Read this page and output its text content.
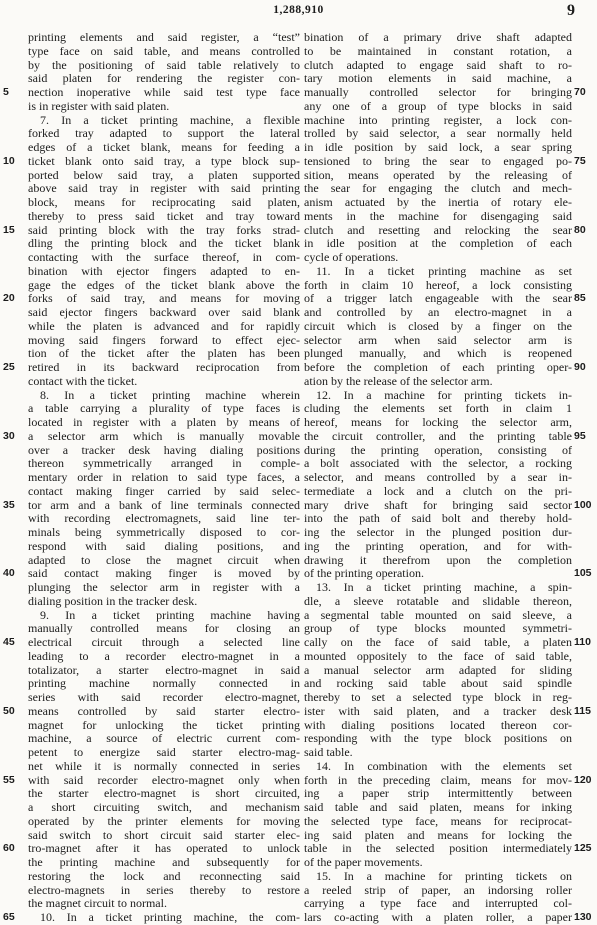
1,288,910	9
printing elements and said register, a “test”
type face on said table, and means controlled
by the positioning of said table relatively to
said platen for rendering the register con-
nection inoperative while said test type face
is in register with said platen.
7. In a ticket printing machine, a flexible
forked tray adapted to support the lateral
edges of a ticket blank, means for feeding a
ticket blank onto said tray, a type block sup-
ported below said tray, a platen supported
above said tray in register with said printing
block, means for reciprocating said platen,
thereby to press said ticket and tray toward
said printing block with the tray forks strad-
dling the printing block and the ticket blank
contacting with the surface thereof, in com-
bination with ejector fingers adapted to en-
gage the edges of the ticket blank above the
forks of said tray, and means for moving
said ejector fingers backward over said blank
while the platen is advanced and for rapidly
moving said fingers forward to effect ejec-
tion of the ticket after the platen has been
retired in its backward reciprocation from
contact with the ticket.
8. In a ticket printing machine wherein
a table carrying a plurality of type faces is
located in register with a platen by means of
a selector arm which is manually movable
over a tracker desk having dialing positions
thereon symmetrically arranged in comple-
mentary order in relation to said type faces, a
contact making finger carried by said selec-
tor arm and a bank of line terminals connected
with recording electromagnets, said line ter-
minals being symmetrically disposed to cor-
respond with said dialing positions, and
adapted to close the magnet circuit when
said contact making finger is moved by
plunging the selector arm in register with a
dialing position in the tracker desk.
9. In a ticket printing machine having
manually controlled means for closing an
electrical circuit through a selected line
leading to a recorder electro-magnet in a
totalizator, a starter electro-magnet in said
printing machine normally connected in
series with said recorder electro-magnet,
means controlled by said starter electro-
magnet for unlocking the ticket printing
machine, a source of electric current com-
petent to energize said starter electro-mag-
net while it is normally connected in series
with said recorder electro-magnet only when
the starter electro-magnet is short circuited,
a short circuiting switch, and mechanism
operated by the printer elements for moving
said switch to short circuit said starter elec-
tro-magnet after it has operated to unlock
the printing machine and subsequently for
restoring the lock and reconnecting said
electro-magnets in series thereby to restore
the magnet circuit to normal.
10. In a ticket printing machine, the com-
bination of a primary drive shaft adapted
to be maintained in constant rotation, a
clutch adapted to engage said shaft to ro-
tary motion elements in said machine, a
manually controlled selector for bringing
any one of a group of type blocks in said
machine into printing register, a lock con-
trolled by said selector, a sear normally held
in idle position by said lock, a sear spring
tensioned to bring the sear to engaged po-
sition, means operated by the releasing of
the sear for engaging the clutch and mech-
anism actuated by the inertia of rotary ele-
ments in the machine for disengaging said
clutch and resetting and relocking the sear
in idle position at the completion of each
cycle of operations.
11. In a ticket printing machine as set
forth in claim 10 hereof, a lock consisting
of a trigger latch engageable with the sear
and controlled by an electro-magnet in a
circuit which is closed by a finger on the
selector arm when said selector arm is
plunged manually, and which is reopened
before the completion of each printing oper-
ation by the release of the selector arm.
12. In a machine for printing tickets in-
cluding the elements set forth in claim 1
hereof, means for locking the selector arm,
the circuit controller, and the printing table
during the printing operation, consisting of
a bolt associated with the selector, a rocking
selector, and means controlled by a sear in-
termediate a lock and a clutch on the pri-
mary drive shaft for bringing said sector
into the path of said bolt and thereby hold-
ing the selector in the plunged position dur-
ing the printing operation, and for with-
drawing it therefrom upon the completion
of the printing operation.
13. In a ticket printing machine, a spin-
dle, a sleeve rotatable and slidable thereon,
a segmental table mounted on said sleeve, a
group of type blocks mounted symmetri-
cally on the face of said table, a platen
mounted oppositely to the face of said table,
a manual selector arm adapted for sliding
and rocking said table about said spindle
thereby to set a selected type block in reg-
ister with said platen, and a tracker desk
with dialing positions located thereon cor-
responding with the type block positions on
said table.
14. In combination with the elements set
forth in the preceding claim, means for mov-
ing a paper strip intermittently between
said table and said platen, means for inking
the selected type face, means for reciprocat-
ing said platen and means for locking the
table in the selected position intermediately
of the paper movements.
15. In a machine for printing tickets on
a reeled strip of paper, an indorsing roller
carrying a type face and interrupted col-
lars co-acting with a platen roller, a paper
5
10
15
20
25
30
35
40
45
50
55
60
65
70
75
80
85
90
95
100
105
110
115
120
125
130
